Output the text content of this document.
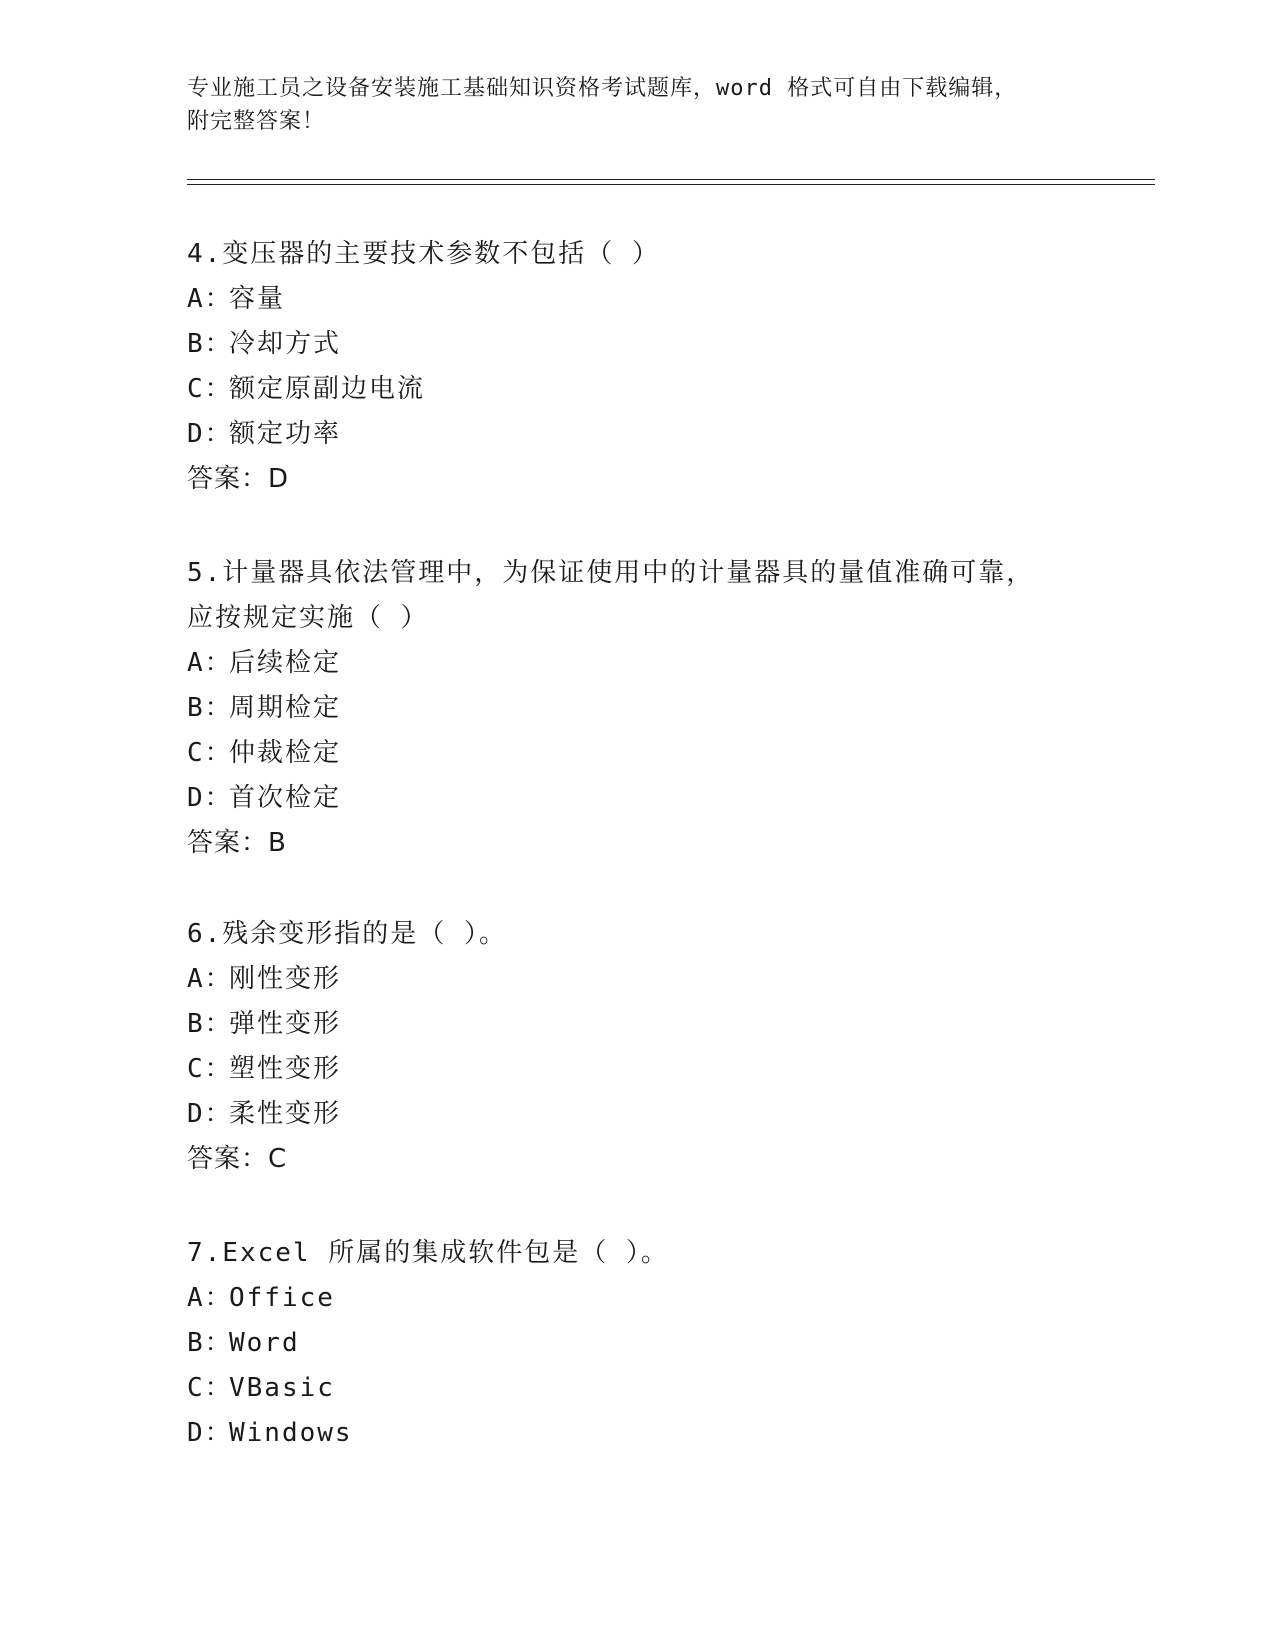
专业施工员之设备安装施工基础知识资格考试题库，word 格式可自由下载编辑，
附完整答案！
4.变压器的主要技术参数不包括（ ）
A：
容量
B：
冷却方式
C：
额定原副边电流
D：
额定功率
答案：D
5.计量器具依法管理中，为保证使用中的计量器具的量值准确可靠，
应按规定实施（ ）
A：
后续检定
B：
周期检定
C：
仲裁检定
D：
首次检定
答案：B
6.残余变形指的是（ ）。
A：
刚性变形
B：
弹性变形
C：
塑性变形
D：
柔性变形
答案：C
7.Excel 所属的集成软件包是（ ）。
A：
Office
B：
Word
C：
VBasic
D：
Windows
